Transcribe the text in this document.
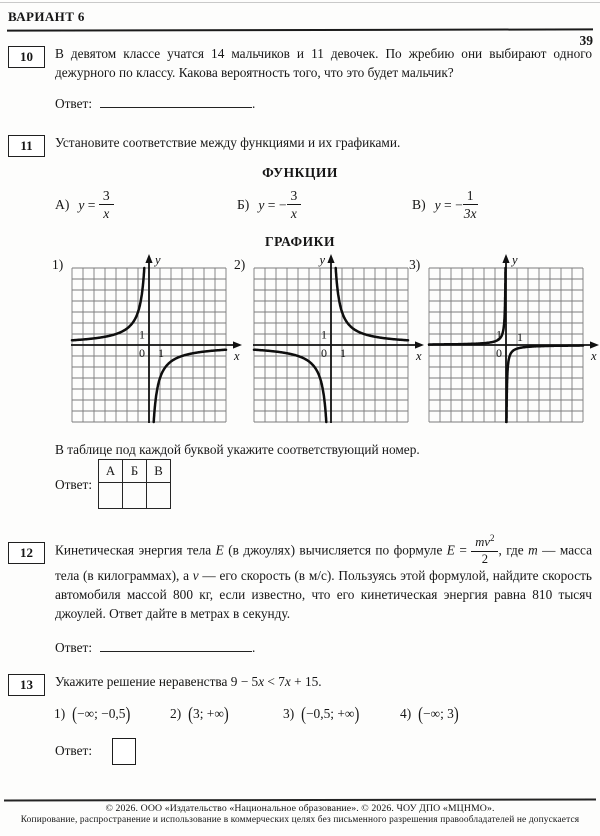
ВАРИАНТ 6
39
10	В девятом классе учатся 14 мальчиков и 11 девочек. По жребию они выбирают одного дежурного по классу. Какова вероятность того, что это будет мальчик?
Ответ:	.
11	Установите соответствие между функциями и их графиками.
ФУНКЦИИ
А) $y = \frac{3}{x}$	Б) y = − $\frac{3}{x}$	В) y = − $\frac{1}{3x}$
ГРАФИКИ
1)	y
x
1
0 1
2)	y
x
1
0 1
3)	y
x
1
0
1
В таблице под каждой буквой укажите соответствующий номер.
Ответ:
А	Б	В

12	Кинетическая энергия тела E (в джоулях) вычисляется по формуле $E = \frac{mv^2}{2}$ , где m — масса тела (в килограммах), а v — его скорость (в м/с). Пользуясь этой формулой, найдите скорость автомобиля массой 800 кг, если известно, что его кинетическая энергия равна 810 тысяч джоулей. Ответ дайте в метрах в секунду.
Ответ:	.
13	Укажите решение неравенства 9 − 5x < 7x + 15.
1) (−∞; −0,5)	2) (3; +∞)	3) (−0,5; +∞)	4) (−∞; 3)
Ответ:
© 2026. ООО «Издательство «Национальное образование». © 2026. ЧОУ ДПО «МЦНМО».
Копирование, распространение и использование в коммерческих целях без письменного разрешения правообладателей не допускается
